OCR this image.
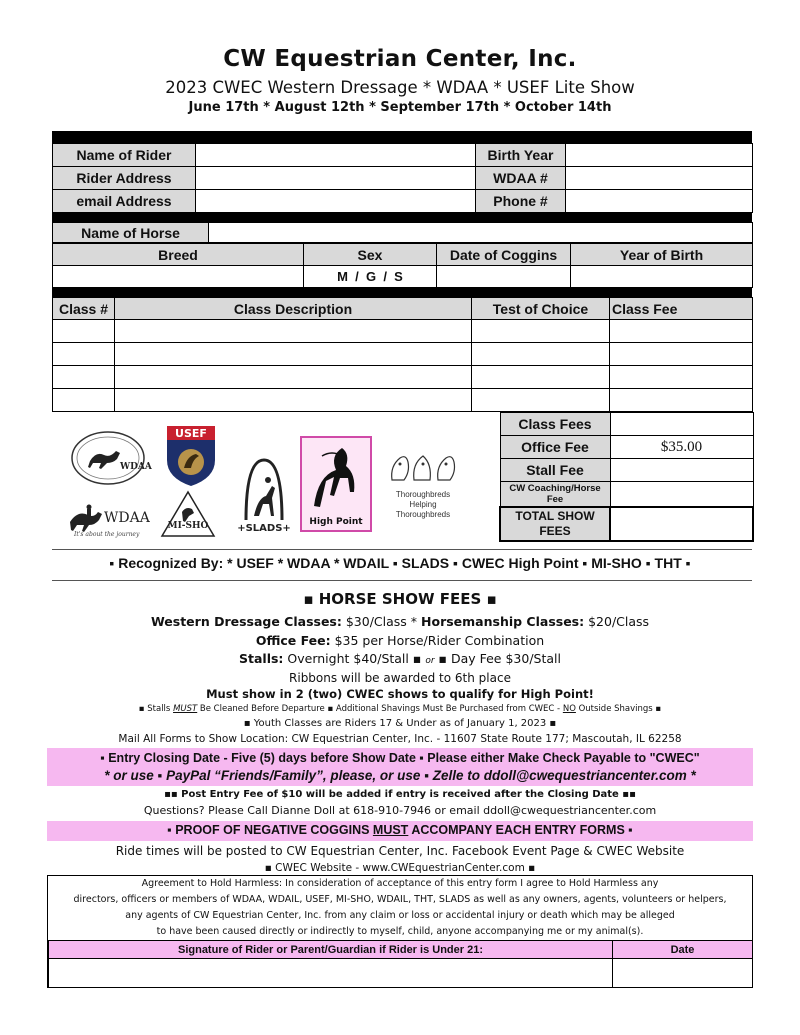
CW Equestrian Center, Inc.
2023 CWEC Western Dressage * WDAA * USEF Lite Show
June 17th * August 12th * September 17th * October 14th
Name of Rider		Birth Year	
Rider Address		WDAA #	
email Address		Phone #	
Name of Horse	
Breed	Sex	Date of Coggins	Year of Birth
	M  /  G  /  S		
Class #	Class Description	Test of Choice	Class Fee

Class Fees	
Office Fee	$35.00
Stall Fee	
CW Coaching/Horse Fee	
TOTAL SHOW FEES	
WDAA
WDAA
It's about the journey
USEF
MI-SHO	+SLADS+
High Point
Thoroughbreds Helping Thoroughbreds
▪ Recognized By: * USEF * WDAA * WDAIL ▪ SLADS ▪ CWEC High Point ▪ MI-SHO ▪ THT ▪
▪ HORSE SHOW FEES ▪
Western Dressage Classes: $30/Class * Horsemanship Classes: $20/Class
Office Fee: $35 per Horse/Rider Combination
Stalls: Overnight $40/Stall ▪ or ▪ Day Fee $30/Stall
Ribbons will be awarded to 6th place
Must show in 2 (two) CWEC shows to qualify for High Point!
▪ Stalls MUST Be Cleaned Before Departure ▪ Additional Shavings Must Be Purchased from CWEC - NO Outside Shavings ▪
▪ Youth Classes are Riders 17 & Under as of January 1, 2023 ▪
Mail All Forms to Show Location: CW Equestrian Center, Inc. - 11607 State Route 177; Mascoutah, IL 62258
▪ Entry Closing Date - Five (5) days before Show Date ▪ Please either Make Check Payable to "CWEC"
* or use ▪ PayPal “Friends/Family”, please, or use ▪ Zelle to ddoll@cwequestriancenter.com *
▪▪ Post Entry Fee of $10 will be added if entry is received after the Closing Date ▪▪
Questions? Please Call Dianne Doll at 618-910-7946 or email ddoll@cwequestriancenter.com
▪ PROOF OF NEGATIVE COGGINS MUST ACCOMPANY EACH ENTRY FORMS ▪
Ride times will be posted to CW Equestrian Center, Inc. Facebook Event Page & CWEC Website
▪ CWEC Website - www.CWEquestrianCenter.com ▪
Agreement to Hold Harmless: In consideration of acceptance of this entry form I agree to Hold Harmless any
directors, officers or members of WDAA, WDAIL, USEF, MI-SHO, WDAIL, THT, SLADS as well as any owners, agents, volunteers or helpers,
any agents of CW Equestrian Center, Inc. from any claim or loss or accidental injury or death which may be alleged
to have been caused directly or indirectly to myself, child, anyone accompanying me or my animal(s).
Signature of Rider or Parent/Guardian if Rider is Under 21:	Date
